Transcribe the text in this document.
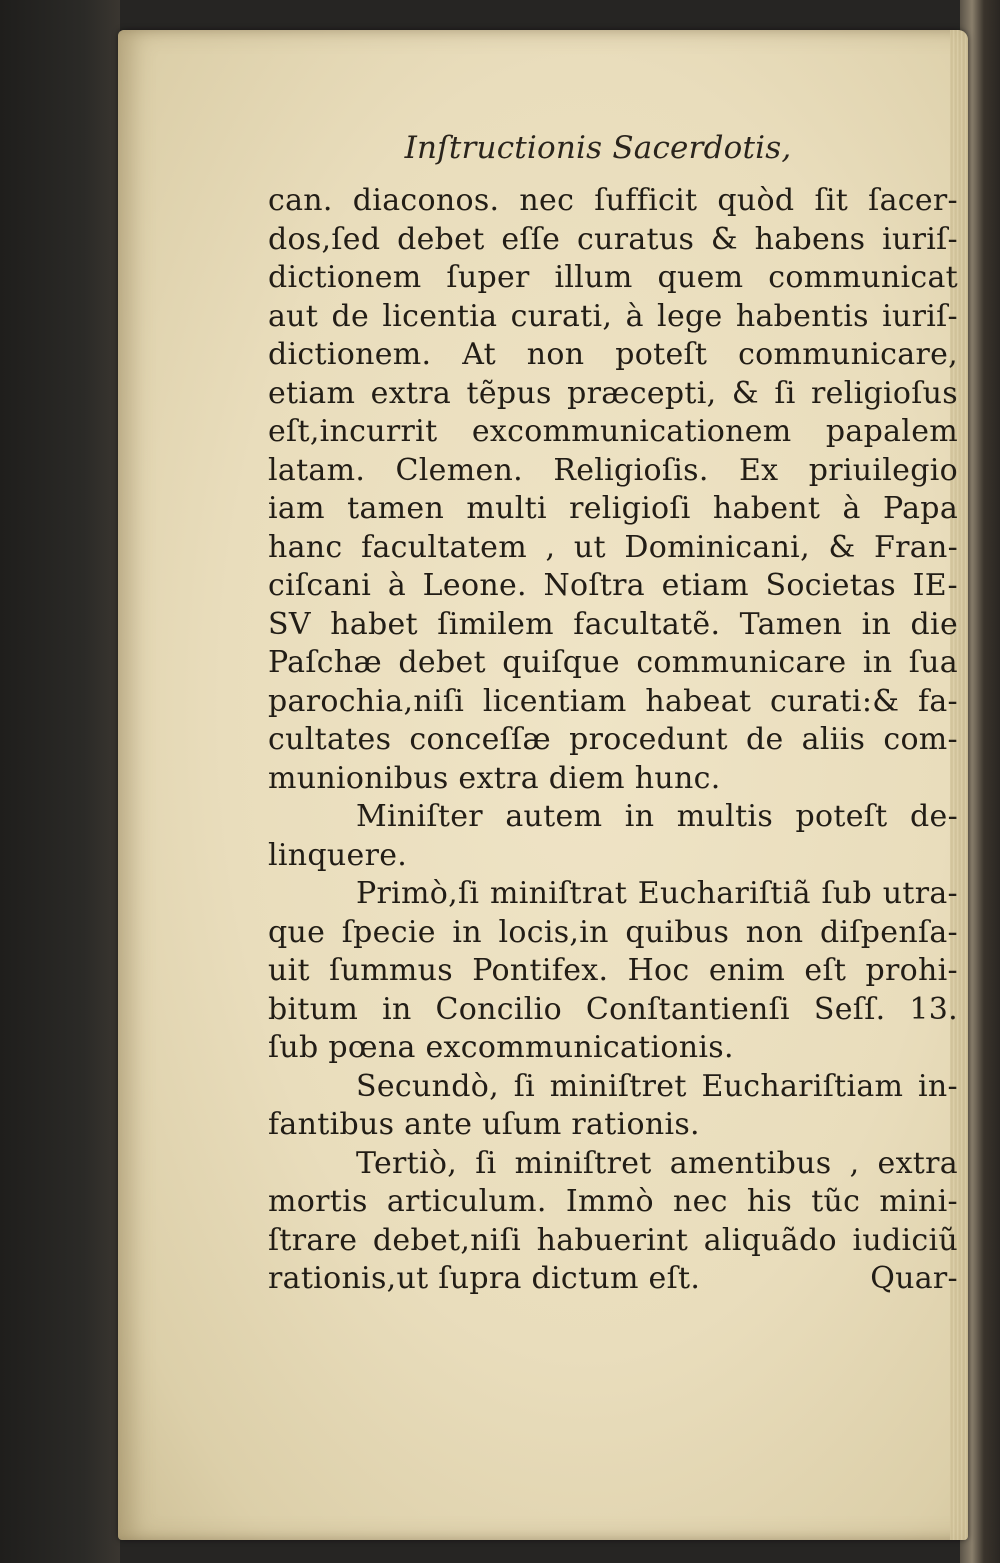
Inſtructionis Sacerdotis,
can. diaconos. nec ſufficit quòd ſit ſacer-
dos,ſed debet eſſe curatus & habens iuriſ-
dictionem ſuper illum quem communicat
aut de licentia curati, à lege habentis iuriſ-
dictionem. At non poteſt communicare,
etiam extra tẽpus præcepti, & ſi religioſus
eſt,incurrit excommunicationem papalem
latam. Clemen. Religioſis. Ex priuilegio
iam tamen multi religioſi habent à Papa
hanc facultatem , ut Dominicani, & Fran-
ciſcani à Leone. Noſtra etiam Societas IE-
SV habet ſimilem facultatẽ. Tamen in die
Paſchæ debet quiſque communicare in ſua
parochia,niſi licentiam habeat curati:& fa-
cultates conceſſæ procedunt de aliis com-
munionibus extra diem hunc.
Miniſter autem in multis poteſt de-
linquere.
Primò,ſi miniſtrat Euchariſtiã ſub utra-
que ſpecie in locis,in quibus non diſpenſa-
uit ſummus Pontifex. Hoc enim eſt prohi-
bitum in Concilio Conſtantienſi Seſſ. 13.
ſub pœna excommunicationis.
Secundò, ſi miniſtret Euchariſtiam in-
fantibus ante uſum rationis.
Tertiò, ſi miniſtret amentibus , extra
mortis articulum. Immò nec his tũc mini-
ſtrare debet,niſi habuerint aliquãdo iudiciũ
rationis,ut ſupra dictum eſt.	Quar-
